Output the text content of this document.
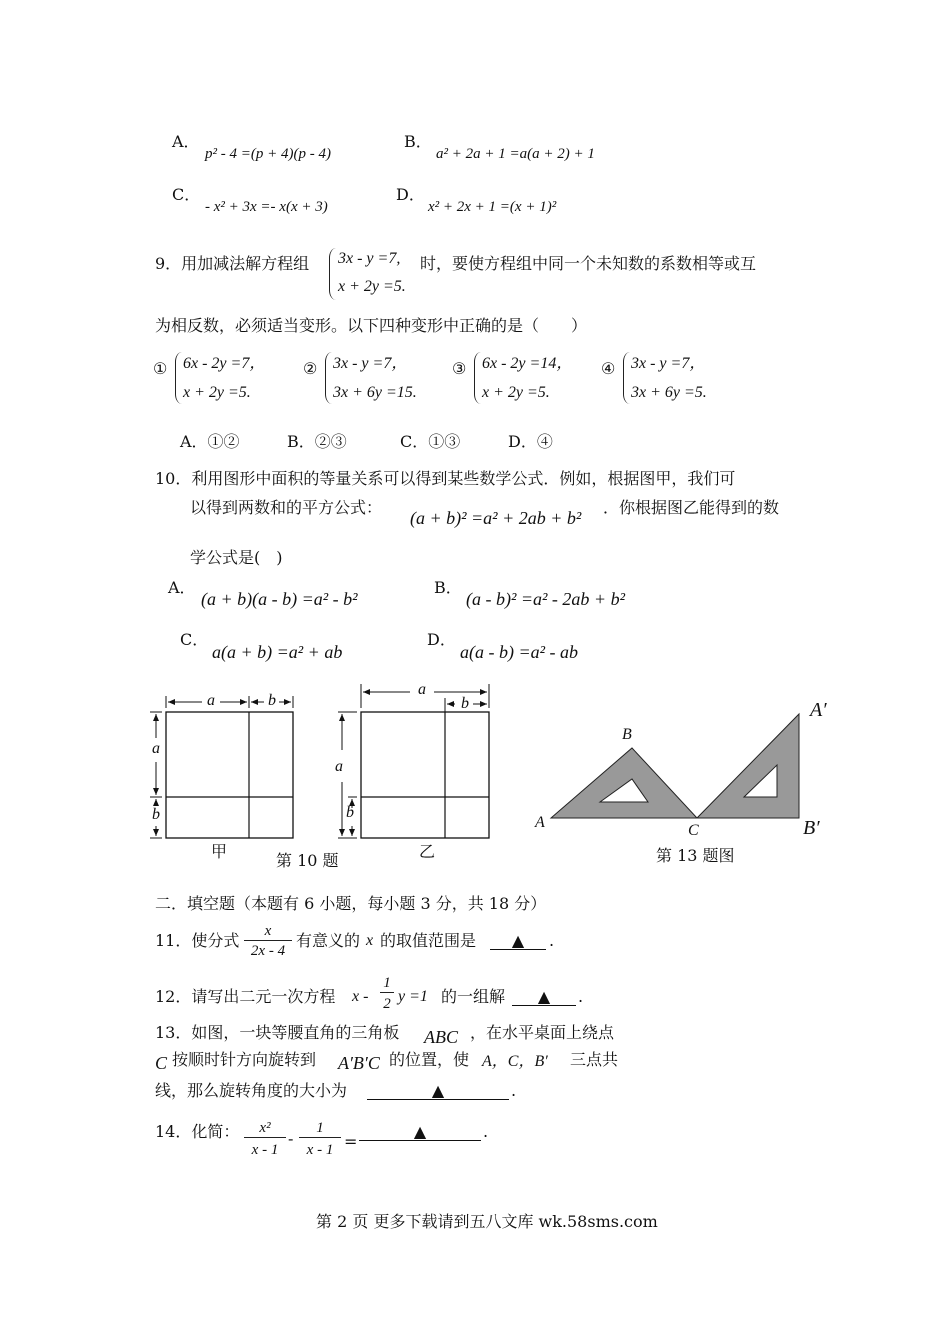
A．
p² - 4 =(p + 4)(p - 4)
B．
a² + 2a + 1 =a(a + 2) + 1
C．
- x² + 3x =- x(x + 3)
D．
x² + 2x + 1 =(x + 1)²
9．用加减法解方程组 3x - y =7,
x + 2y =5.
时，要使方程组中同一个未知数的系数相等或互
为相反数，必须适当变形。以下四种变形中正确的是（　　）
① 6x - 2y =7，
x + 2y =5.
② 3x - y =7，
3x + 6y =15.
③ 6x - 2y =14，
x + 2y =5.
④ 3x - y =7，
3x + 6y =5.
A．①②	B．②③	C．①③	D．④
10．利用图形中面积的等量关系可以得到某些数学公式．例如，根据图甲，我们可
以得到两数和的平方公式：
(a + b)² =a² + 2ab + b²
．你根据图乙能得到的数
学公式是(　)
A．
(a + b)(a - b) =a² - b²
B．
(a - b)² =a² - 2ab + b²
C．
a(a + b) =a² + ab
D．
a(a - b) =a² - ab
a	b
a
b
甲	第 10 题
a
b
a
b
乙
A
B
C
A′
B′
第 13 题图
二．填空题（本题有 6 小题，每小题 3 分，共 18 分）
11．使分式 $\frac{x}{2x - 4}$ 有意义的 x 的取值范围是	▲	.
12．请写出二元一次方程 x - $\frac{1}{2}$ y =1 的一组解	▲	.
13．如图，一块等腰直角的三角板 ABC ，在水平桌面上绕点
C 按顺时针方向旋转到 A′B′C 的位置，使 A，C，B′ 三点共
线，那么旋转角度的大小为	▲	.
14．化简： $\frac{\text{x²}}{x - 1} - \frac{1}{x - 1}$ =
▲	.
第 2 页 更多下载请到五八文库 wk.58sms.com
